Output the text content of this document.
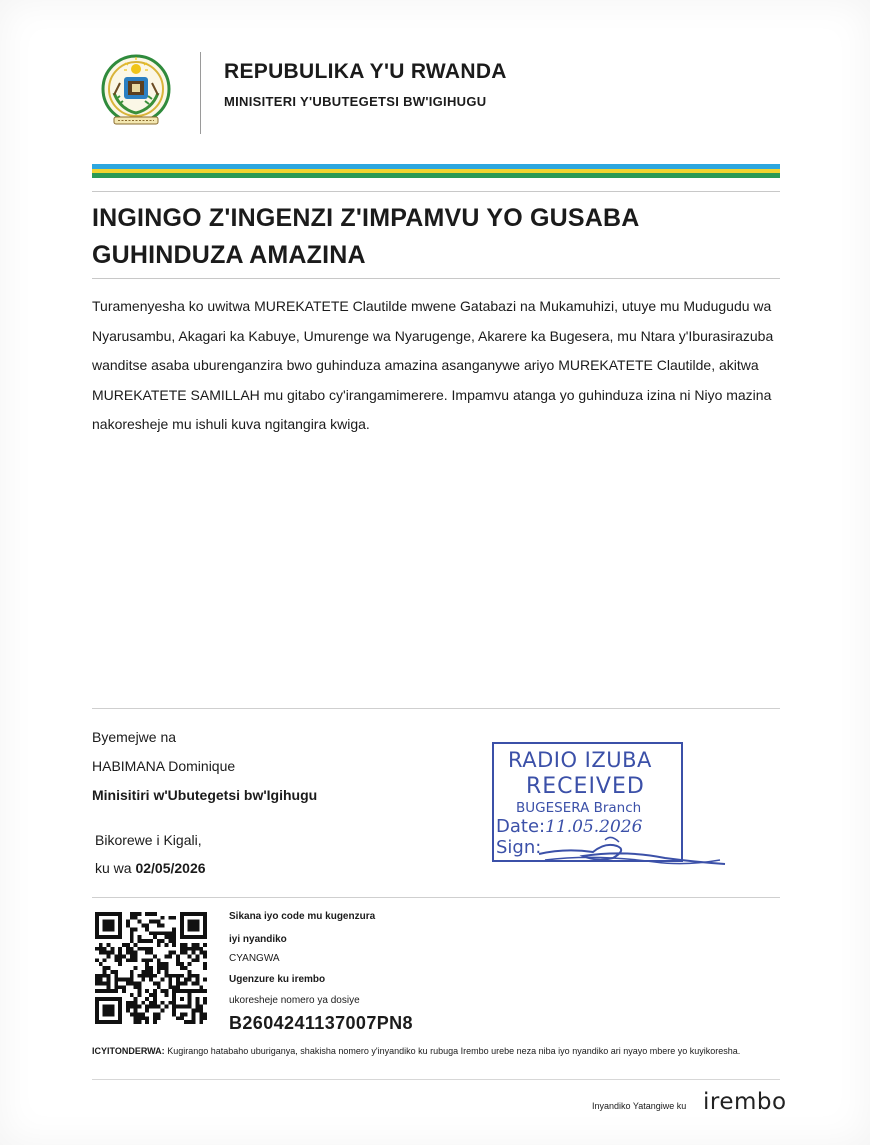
REPUBULIKA Y'U RWANDA
MINISITERI Y'UBUTEGETSI BW'IGIHUGU
INGINGO Z'INGENZI Z'IMPAMVU YO GUSABA
GUHINDUZA AMAZINA
Turamenyesha ko uwitwa MUREKATETE Clautilde mwene Gatabazi na Mukamuhizi, utuye mu Mudugudu wa Nyarusambu, Akagari ka Kabuye, Umurenge wa Nyarugenge, Akarere ka Bugesera, mu Ntara y'Iburasirazuba wanditse asaba uburenganzira bwo guhinduza amazina asanganywe ariyo MUREKATETE Clautilde, akitwa MUREKATETE SAMILLAH mu gitabo cy'irangamimerere. Impamvu atanga yo guhinduza izina ni Niyo mazina nakoresheje mu ishuli kuva ngitangira kwiga.
Byemejwe na
HABIMANA Dominique
Minisitiri w'Ubutegetsi bw'Igihugu
Bikorewe i Kigali,
ku wa 02/05/2026
RADIO IZUBA
RECEIVED
BUGESERA Branch
Date:11.05.2026
Sign:
Sikana iyo code mu kugenzura
iyi nyandiko
CYANGWA
Ugenzure ku irembo
ukoresheje nomero ya dosiye
B2604241137007PN8
ICYITONDERWA: Kugirango hatabaho uburiganya, shakisha nomero y'inyandiko ku rubuga Irembo urebe neza niba iyo nyandiko ari nyayo mbere yo kuyikoresha.
Inyandiko Yatangiwe ku irembo
